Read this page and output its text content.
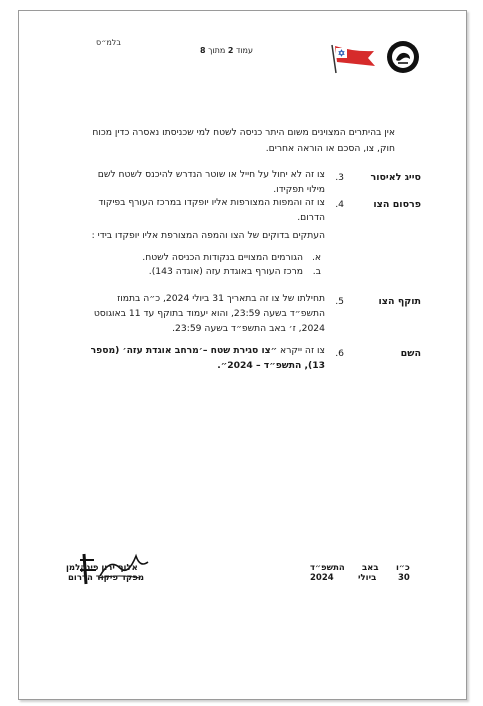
בלמ״ס
עמוד 2 מתוך 8
אין בהיתרים המצוינים משום היתר כניסה לשטח למי שכניסתו נאסרה כדין מכוח חוק, צו, הסכם או הוראה אחרים.
סייג לאיסור
3.
צו זה לא יחול על חייל או שוטר הנדרש להיכנס לשטח לשם מילוי תפקידו.
פרסום הצו
4.
צו זה והמפות המצורפות אליו יופקדו במרכז העורף בפיקוד הדרום.
העתקים בדוקים של הצו והמפה המצורפת אליו יופקדו בידי :
א.
הגורמים המצויים בנקודות הכניסה לשטח.
ב.
מרכז העורף באוגדת עזה (אוגדה 143).
תוקף הצו
5.
תחילתו של צו זה בתאריך 31 ביולי 2024, כ״ה בתמוז התשפ״ד בשעה 23:59, והוא יעמוד בתוקף עד 11 באוגוסט 2024, ז׳ באב התשפ״ד בשעה 23:59.
השם
6.
צו זה ייקרא ״צו סגירת שטח –׳מרחב אוגדת עזה׳ (מספר 13), התשפ״ד – 2024״.
אלוף ירון פינקלמן
מפקד פיקוד הדרום
כ״ו
באב
התשפ״ד
30
ביולי
2024
